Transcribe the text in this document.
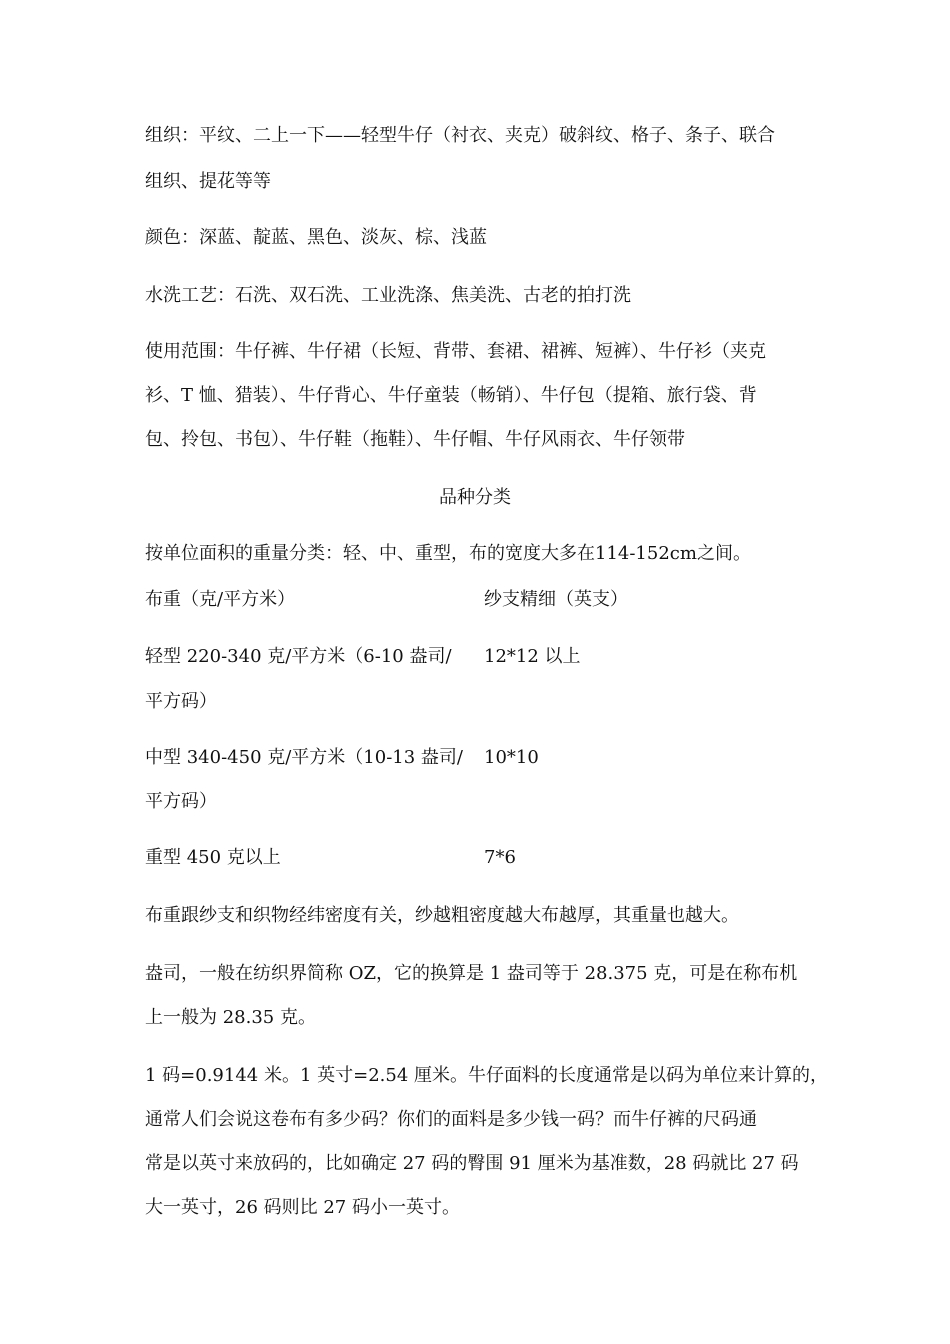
组织：平纹、二上一下——轻型牛仔（衬衣、夹克）破斜纹、格子、条子、联合
组织、提花等等
颜色：深蓝、靛蓝、黑色、淡灰、棕、浅蓝
水洗工艺：石洗、双石洗、工业洗涤、焦美洗、古老的拍打洗
使用范围：牛仔裤、牛仔裙（长短、背带、套裙、裙裤、短裤）、牛仔衫（夹克
衫、T 恤、猎装）、牛仔背心、牛仔童装（畅销）、牛仔包（提箱、旅行袋、背
包、拎包、书包）、牛仔鞋（拖鞋）、牛仔帽、牛仔风雨衣、牛仔领带
品种分类
按单位面积的重量分类：轻、中、重型，布的宽度大多在114-152cm之间。
布重（克/平方米）	纱支精细（英支）
轻型 220-340 克/平方米（6-10 盎司/
平方码）
12*12 以上
中型 340-450 克/平方米（10-13 盎司/
平方码）
10*10
重型 450 克以上	7*6
布重跟纱支和织物经纬密度有关，纱越粗密度越大布越厚，其重量也越大。
盎司，一般在纺织界简称 OZ，它的换算是 1 盎司等于 28.375 克，可是在称布机
上一般为 28.35 克。
1 码=0.9144 米。1 英寸=2.54 厘米。牛仔面料的长度通常是以码为单位来计算的，
通常人们会说这卷布有多少码？你们的面料是多少钱一码？而牛仔裤的尺码通
常是以英寸来放码的，比如确定 27 码的臀围 91 厘米为基准数，28 码就比 27 码
大一英寸，26 码则比 27 码小一英寸。
